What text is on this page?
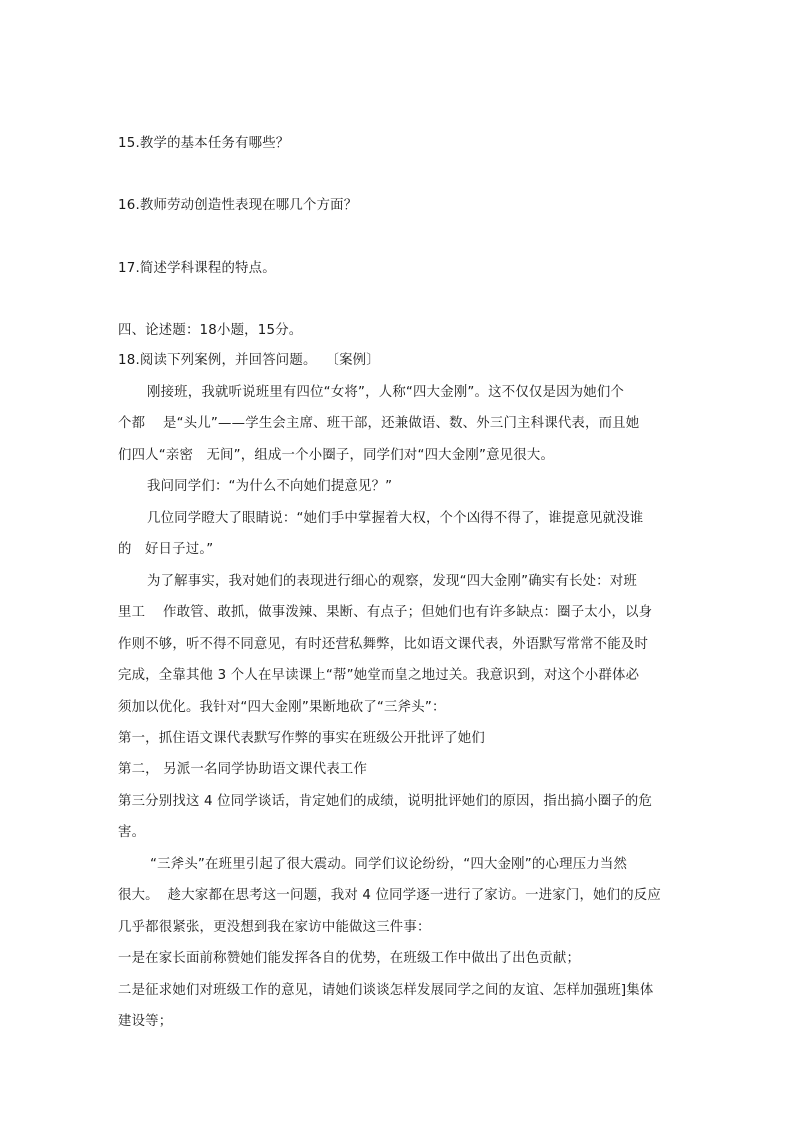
15.教学的基本任务有哪些？
16.教师劳动创造性表现在哪几个方面？
17.简述学科课程的特点。
四、论述题：18小题，15分。
18.阅读下列案例，并回答问题。  〔案例〕
刚接班，我就听说班里有四位“女将”，人称“四大金刚”。这不仅仅是因为她们个
个都    是“头儿”——学生会主席、班干部，还兼做语、数、外三门主科课代表，而且她
们四人“亲密   无间”，组成一个小圈子，同学们对“四大金刚”意见很大。
我问同学们：“为什么不向她们提意见？”
几位同学瞪大了眼睛说：“她们手中掌握着大权，个个凶得不得了，谁提意见就没谁
的   好日子过。”
为了解事实，我对她们的表现进行细心的观察，发现“四大金刚”确实有长处：对班
里工    作敢管、敢抓，做事泼辣、果断、有点子；但她们也有许多缺点：圈子太小，以身
作则不够，听不得不同意见，有时还营私舞弊，比如语文课代表，外语默写常常不能及时
完成，全靠其他 3 个人在早读课上“帮”她堂而皇之地过关。我意识到，对这个小群体必
须加以优化。我针对“四大金刚”果断地砍了“三斧头”：
第一，抓住语文课代表默写作弊的事实在班级公开批评了她们
第二， 另派一名同学协助语文课代表工作
第三分别找这 4 位同学谈话，肯定她们的成绩，说明批评她们的原因，指出搞小圈子的危
害。
“三斧头”在班里引起了很大震动。同学们议论纷纷，“四大金刚”的心理压力当然
很大。  趁大家都在思考这一问题，我对 4 位同学逐一进行了家访。一进家门，她们的反应
几乎都很紧张，更没想到我在家访中能做这三件事：
一是在家长面前称赞她们能发挥各自的优势，在班级工作中做出了出色贡献；
二是征求她们对班级工作的意见，请她们谈谈怎样发展同学之间的友谊、怎样加强班]集体
建设等；
